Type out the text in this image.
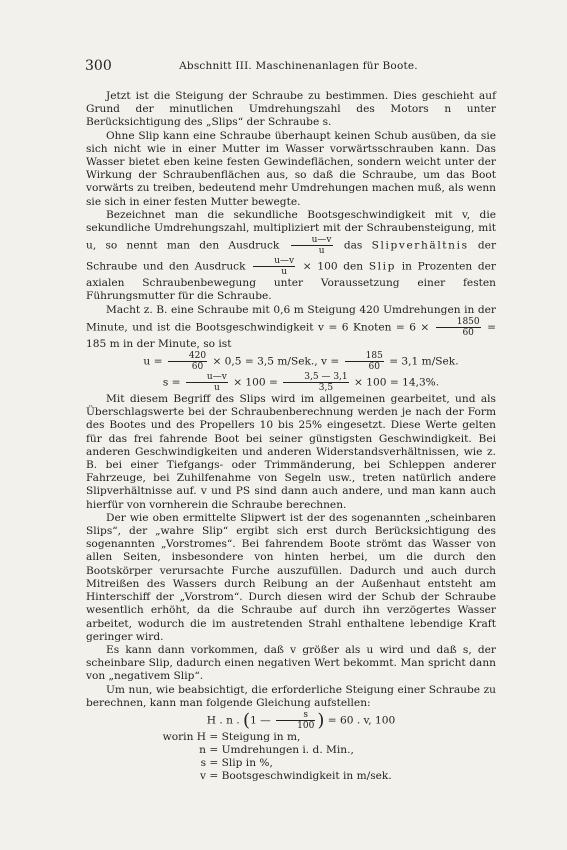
300	Abschnitt III. Maschinenanlagen für Boote.

Jetzt ist die Steigung der Schraube zu bestimmen. Dies geschieht auf Grund der minutlichen Umdrehungszahl des Motors n unter Berücksichtigung des „Slips“ der Schraube s.

Ohne Slip kann eine Schraube überhaupt keinen Schub ausüben, da sie sich nicht wie in einer Mutter im Wasser vorwärtsschrauben kann. Das Wasser bietet eben keine festen Gewindeflächen, sondern weicht unter der Wirkung der Schraubenflächen aus, so daß die Schraube, um das Boot vorwärts zu treiben, bedeutend mehr Umdrehungen machen muß, als wenn sie sich in einer festen Mutter bewegte.

Bezeichnet man die sekundliche Bootsgeschwindigkeit mit v, die sekundliche Umdrehungszahl, multipliziert mit der Schraubensteigung, mit u, so nennt man den Ausdruck $\frac{u—v}{u}$ das Slipverhältnis der Schraube und den Ausdruck $\frac{u—v}{u} \times 100$ den Slip in Prozenten der axialen Schraubenbewegung unter Voraussetzung einer festen Führungsmutter für die Schraube.

Macht z. B. eine Schraube mit 0,6 m Steigung 420 Umdrehungen in der Minute, und ist die Bootsgeschwindigkeit v = 6 Knoten = $6 \times \frac{1850}{60} = 185$ m in der Minute, so ist

$u = \frac{420}{60} \times 0,5 = 3,5$ m/Sek., $v = \frac{185}{60} = 3,1$ m/Sek.

$s = \frac{u—v}{u} \times 100 = \frac{3,5 — 3,1}{3,5} \times 100 = 14,3\%$.

Mit diesem Begriff des Slips wird im allgemeinen gearbeitet, und als Überschlagswerte bei der Schraubenberechnung werden je nach der Form des Bootes und des Propellers 10 bis 25% eingesetzt. Diese Werte gelten für das frei fahrende Boot bei seiner günstigsten Geschwindigkeit. Bei anderen Geschwindigkeiten und anderen Widerstandsverhältnissen, wie z. B. bei einer Tiefgangs- oder Trimmänderung, bei Schleppen anderer Fahrzeuge, bei Zuhilfenahme von Segeln usw., treten natürlich andere Slipverhältnisse auf. v und PS sind dann auch andere, und man kann auch hierfür von vornherein die Schraube berechnen.

Der wie oben ermittelte Slipwert ist der des sogenannten „scheinbaren Slips“, der „wahre Slip“ ergibt sich erst durch Berücksichtigung des sogenannten „Vorstromes“. Bei fahrendem Boote strömt das Wasser von allen Seiten, insbesondere von hinten herbei, um die durch den Bootskörper verursachte Furche auszufüllen. Dadurch und auch durch Mitreißen des Wassers durch Reibung an der Außenhaut entsteht am Hinterschiff der „Vorstrom“. Durch diesen wird der Schub der Schraube wesentlich erhöht, da die Schraube auf durch ihn verzögertes Wasser arbeitet, wodurch die im austretenden Strahl enthaltene lebendige Kraft geringer wird.

Es kann dann vorkommen, daß v größer als u wird und daß s, der scheinbare Slip, dadurch einen negativen Wert bekommt. Man spricht dann von „negativem Slip“.

Um nun, wie beabsichtigt, die erforderliche Steigung einer Schraube zu berechnen, kann man folgende Gleichung aufstellen:

H . n . (1 — $\frac{s}{100}$ ) = 60 . v, 100

worin H = Steigung in m,
n = Umdrehungen i. d. Min.,
s = Slip in %,
v = Bootsgeschwindigkeit in m/sek.
